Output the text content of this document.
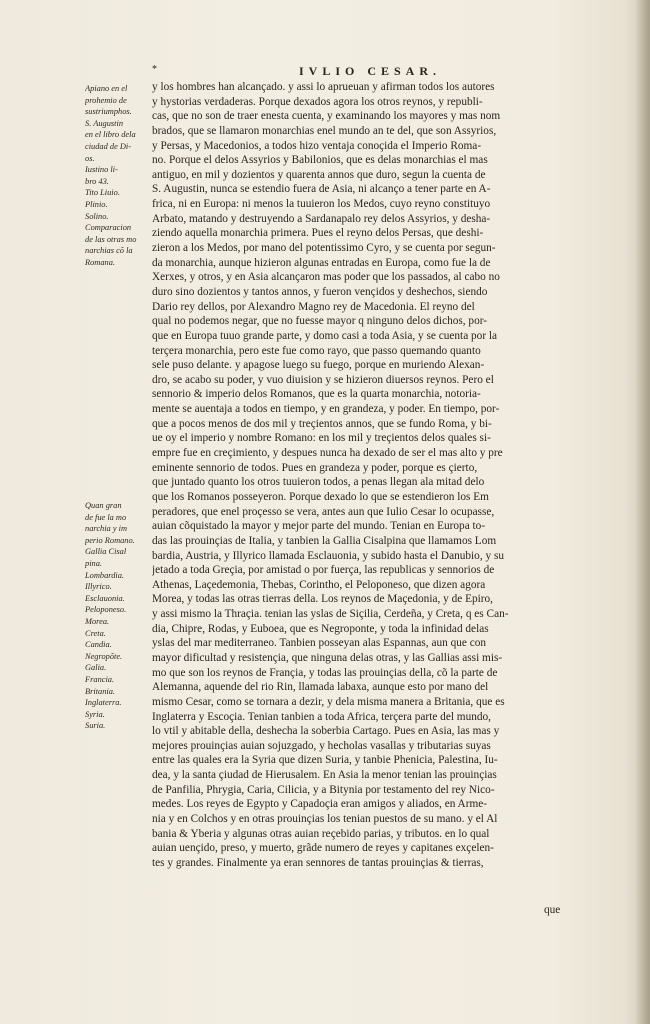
*	IVLIO CESAR.
Apiano en el
prohemio de
sustriumphos.
S. Augustin
en el libro dela
ciudad de Di-
os.
Iustino li-
bro 43.
Tito Liuio.
Plinio.
Solino.
Comparacion
de las otras mo
narchias cõ la
Romana.
Quan gran
de fue la mo
narchia y im
perio Romano.
Gallia Cisal
pina.
Lombardia.
Illyrico.
Esclauonia.
Peloponeso.
Morea.
Creta.
Candia.
Negropõte.
Galia.
Francia.
Britania.
Inglaterra.
Syria.
Suria.
y los hombres han alcançado. y assi lo aprueuan y afirman todos los autores
y hystorias verdaderas. Porque dexados agora los otros reynos, y republi-
cas, que no son de traer enesta cuenta, y examinando los mayores y mas nom
brados, que se llamaron monarchias enel mundo an te del, que son Assyrios,
y Persas, y Macedonios, a todos hizo ventaja conoçida el Imperio Roma-
no. Porque el delos Assyrios y Babilonios, que es delas monarchias el mas
antiguo, en mil y dozientos y quarenta annos que duro, segun la cuenta de
S. Augustin, nunca se estendio fuera de Asia, ni alcanço a tener parte en A-
frica, ni en Europa: ni menos la tuuieron los Medos, cuyo reyno constituyo
Arbato, matando y destruyendo a Sardanapalo rey delos Assyrios, y desha-
ziendo aquella monarchia primera. Pues el reyno delos Persas, que deshi-
zieron a los Medos, por mano del potentissimo Cyro, y se cuenta por segun-
da monarchia, aunque hizieron algunas entradas en Europa, como fue la de
Xerxes, y otros, y en Asia alcançaron mas poder que los passados, al cabo no
duro sino dozientos y tantos annos, y fueron vençidos y deshechos, siendo
Dario rey dellos, por Alexandro Magno rey de Macedonia. El reyno del
qual no podemos negar, que no fuesse mayor q ninguno delos dichos, por-
que en Europa tuuo grande parte, y domo casi a toda Asia, y se cuenta por la
terçera monarchia, pero este fue como rayo, que passo quemando quanto
sele puso delante. y apagose luego su fuego, porque en muriendo Alexan-
dro, se acabo su poder, y vuo diuision y se hizieron diuersos reynos. Pero el
sennorio & imperio delos Romanos, que es la quarta monarchia, notoria-
mente se auentaja a todos en tiempo, y en grandeza, y poder. En tiempo, por-
que a pocos menos de dos mil y treçientos annos, que se fundo Roma, y bi-
ue oy el imperio y nombre Romano: en los mil y treçientos delos quales si-
empre fue en creçimiento, y despues nunca ha dexado de ser el mas alto y pre
eminente sennorio de todos. Pues en grandeza y poder, porque es çierto,
que juntado quanto los otros tuuieron todos, a penas llegan ala mitad delo
que los Romanos posseyeron. Porque dexado lo que se estendieron los Em
peradores, que enel proçesso se vera, antes aun que Iulio Cesar lo ocupasse,
auian cõquistado la mayor y mejor parte del mundo. Tenian en Europa to-
das las prouinçias de Italia, y tanbien la Gallia Cisalpina que llamamos Lom
bardia, Austria, y Illyrico llamada Esclauonia, y subido hasta el Danubio, y su
jetado a toda Greçia, por amistad o por fuerça, las republicas y sennorios de
Athenas, Laçedemonia, Thebas, Corintho, el Peloponeso, que dizen agora
Morea, y todas las otras tierras della. Los reynos de Maçedonia, y de Epiro,
y assi mismo la Thraçia. tenian las yslas de Siçilia, Cerdeña, y Creta, q es Can-
dia, Chipre, Rodas, y Euboea, que es Negroponte, y toda la infinidad delas
yslas del mar mediterraneo. Tanbien posseyan alas Espannas, aun que con
mayor dificultad y resistençia, que ninguna delas otras, y las Gallias assi mis-
mo que son los reynos de Françia, y todas las prouinçias della, cõ la parte de
Alemanna, aquende del rio Rin, llamada labaxa, aunque esto por mano del
mismo Cesar, como se tornara a dezir, y dela misma manera a Britania, que es
Inglaterra y Escoçia. Tenian tanbien a toda Africa, terçera parte del mundo,
lo vtil y abitable della, deshecha la soberbia Cartago. Pues en Asia, las mas y
mejores prouinçias auian sojuzgado, y hecholas vasallas y tributarias suyas
entre las quales era la Syria que dizen Suria, y tanbie Phenicia, Palestina, Iu-
dea, y la santa çiudad de Hierusalem. En Asia la menor tenian las prouinçias
de Panfilia, Phrygia, Caria, Cilicia, y a Bityniа por testamento del rey Nico-
medes. Los reyes de Egypto y Capadoçia eran amigos y aliados, en Arme-
nia y en Colchos y en otras prouinçias los tenian puestos de su mano. y el Al
bania & Yberia y algunas otras auian reçebido parias, y tributos. en lo qual
auian uençido, preso, y muerto, grãde numero de reyes y capitanes exçelen-
tes y grandes. Finalmente ya eran sennores de tantas prouinçias & tierras,
que
